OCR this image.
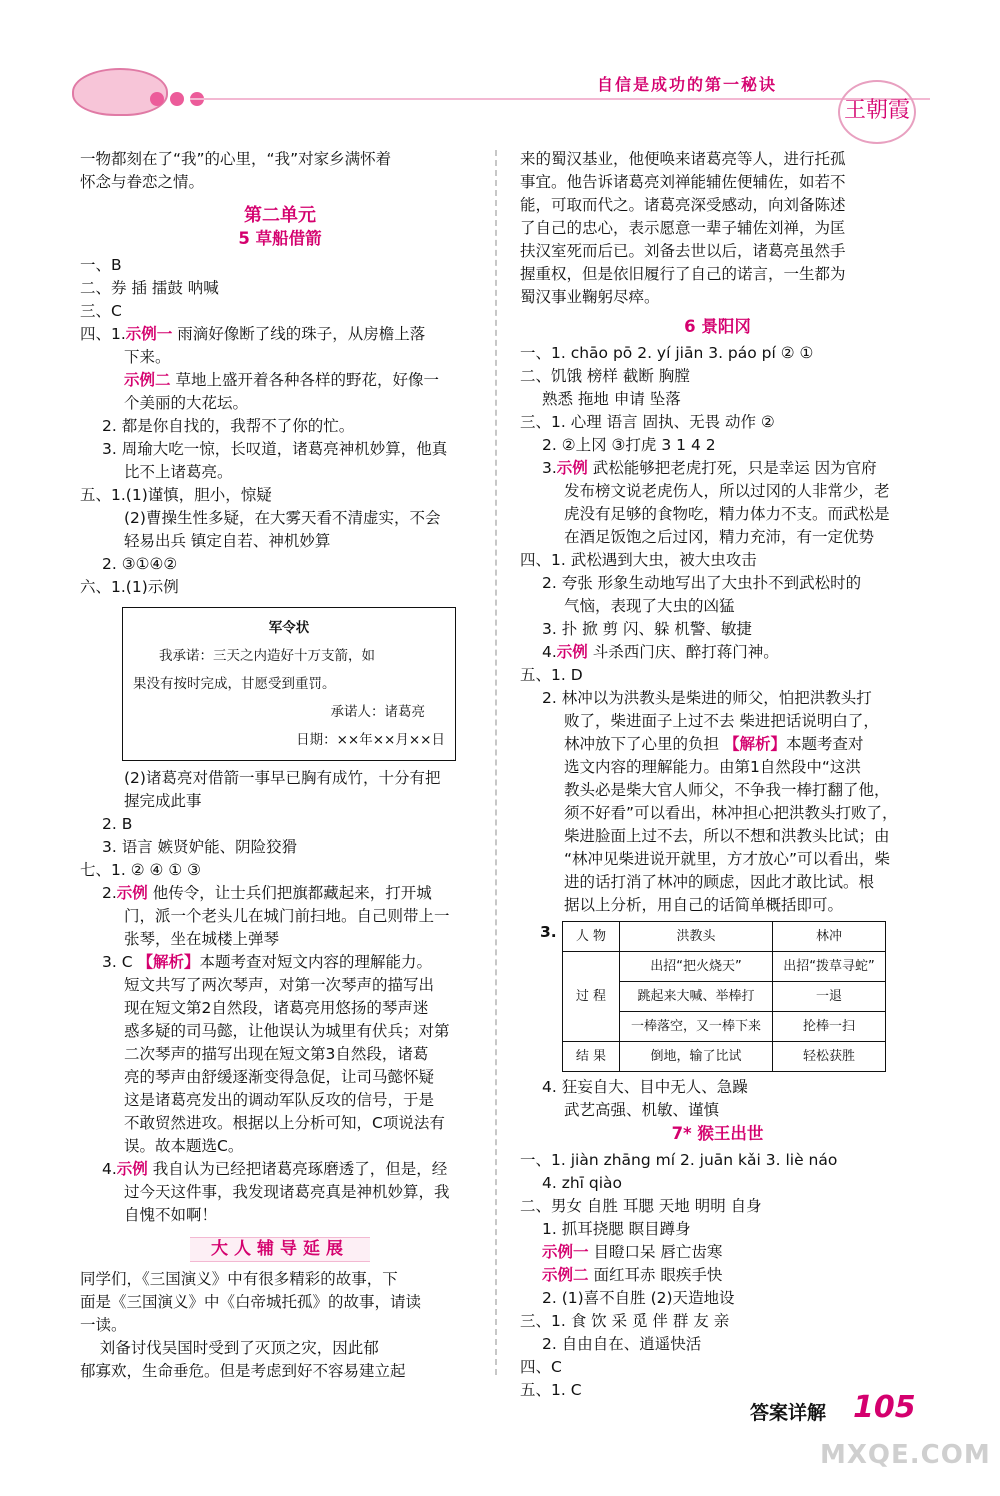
自信是成功的第一秘诀
王朝霞

一物都刻在了“我”的心里，“我”对家乡满怀着

怀念与眷恋之情。

第二单元
5 草船借箭

一、B

二、券 插 擂鼓 呐喊

三、C

四、1.示例一 雨滴好像断了线的珠子，从房檐上落

下来。

示例二 草地上盛开着各种各样的野花，好像一

个美丽的大花坛。

2. 都是你自找的，我帮不了你的忙。

3. 周瑜大吃一惊，长叹道，诸葛亮神机妙算，他真

比不上诸葛亮。

五、1.(1)谨慎，胆小，惊疑

(2)曹操生性多疑，在大雾天看不清虚实，不会

轻易出兵 镇定自若、神机妙算

2. ③①④②

六、1.(1)示例

军令状
我承诺：三天之内造好十万支箭，如
果没有按时完成，甘愿受到重罚。
承诺人：诸葛亮
日期：××年××月××日

(2)诸葛亮对借箭一事早已胸有成竹，十分有把

握完成此事

2. B

3. 语言 嫉贤妒能、阴险狡猾

七、1. ② ④ ① ③

2.示例 他传令，让士兵们把旗都藏起来，打开城

门，派一个老头儿在城门前扫地。自己则带上一

张琴，坐在城楼上弹琴

3. C 【解析】本题考查对短文内容的理解能力。

短文共写了两次琴声，对第一次琴声的描写出

现在短文第2自然段，诸葛亮用悠扬的琴声迷

惑多疑的司马懿，让他误认为城里有伏兵；对第

二次琴声的描写出现在短文第3自然段，诸葛

亮的琴声由舒缓逐渐变得急促，让司马懿怀疑

这是诸葛亮发出的调动军队反攻的信号，于是

不敢贸然进攻。根据以上分析可知，C项说法有

误。故本题选C。

4.示例 我自认为已经把诸葛亮琢磨透了，但是，经

过今天这件事，我发现诸葛亮真是神机妙算，我

自愧不如啊！

大人辅导延展

同学们，《三国演义》中有很多精彩的故事，下

面是《三国演义》中《白帝城托孤》的故事，请读

一读。

刘备讨伐吴国时受到了灭顶之灾，因此郁

郁寡欢，生命垂危。但是考虑到好不容易建立起

来的蜀汉基业，他便唤来诸葛亮等人，进行托孤

事宜。他告诉诸葛亮刘禅能辅佐便辅佐，如若不

能，可取而代之。诸葛亮深受感动，向刘备陈述

了自己的忠心，表示愿意一辈子辅佐刘禅，为匡

扶汉室死而后已。刘备去世以后，诸葛亮虽然手

握重权，但是依旧履行了自己的诺言，一生都为

蜀汉事业鞠躬尽瘁。

6 景阳冈

一、1. chāo pō 2. yí jiān 3. páo pí ② ①

二、饥饿 榜样 截断 胸膛

熟悉 拖地 申请 坠落

三、1. 心理 语言 固执、无畏 动作 ②

2. ②上冈 ③打虎 3 1 4 2

3.示例 武松能够把老虎打死，只是幸运 因为官府

发布榜文说老虎伤人，所以过冈的人非常少，老

虎没有足够的食物吃，精力体力不支。而武松是

在酒足饭饱之后过冈，精力充沛，有一定优势

四、1. 武松遇到大虫，被大虫攻击

2. 夸张 形象生动地写出了大虫扑不到武松时的

气恼，表现了大虫的凶猛

3. 扑 掀 剪 闪、躲 机警、敏捷

4.示例 斗杀西门庆、醉打蒋门神。

五、1. D

2. 林冲以为洪教头是柴进的师父，怕把洪教头打

败了，柴进面子上过不去 柴进把话说明白了，

林冲放下了心里的负担 【解析】本题考查对

选文内容的理解能力。由第1自然段中“这洪

教头必是柴大官人师父，不争我一棒打翻了他，

须不好看”可以看出，林冲担心把洪教头打败了，

柴进脸面上过不去，所以不想和洪教头比试；由

“林冲见柴进说开就里，方才放心”可以看出，柴

进的话打消了林冲的顾虑，因此才敢比试。根

据以上分析，用自己的话简单概括即可。

3. 人 物	洪教头	林冲
过 程	出招“把火烧天”	出招“拨草寻蛇”
	跳起来大喊、举棒打	一退
	一棒落空，又一棒下来	抡棒一扫
结 果	倒地，输了比试	轻松获胜

4. 狂妄自大、目中无人、急躁

武艺高强、机敏、谨慎

7* 猴王出世

一、1. jiàn zhāng mí 2. juān kǎi 3. liè náo

4. zhī qiào

二、男女 自胜 耳腮 天地 明明 自身

1. 抓耳挠腮 瞑目蹲身

示例一 目瞪口呆 唇亡齿寒

示例二 面红耳赤 眼疾手快

2. (1)喜不自胜 (2)天造地设

三、1. 食 饮 采 觅 伴 群 友 亲

2. 自由自在、逍遥快活

四、C

五、1. C

答案详解 105
MXQE.COM
